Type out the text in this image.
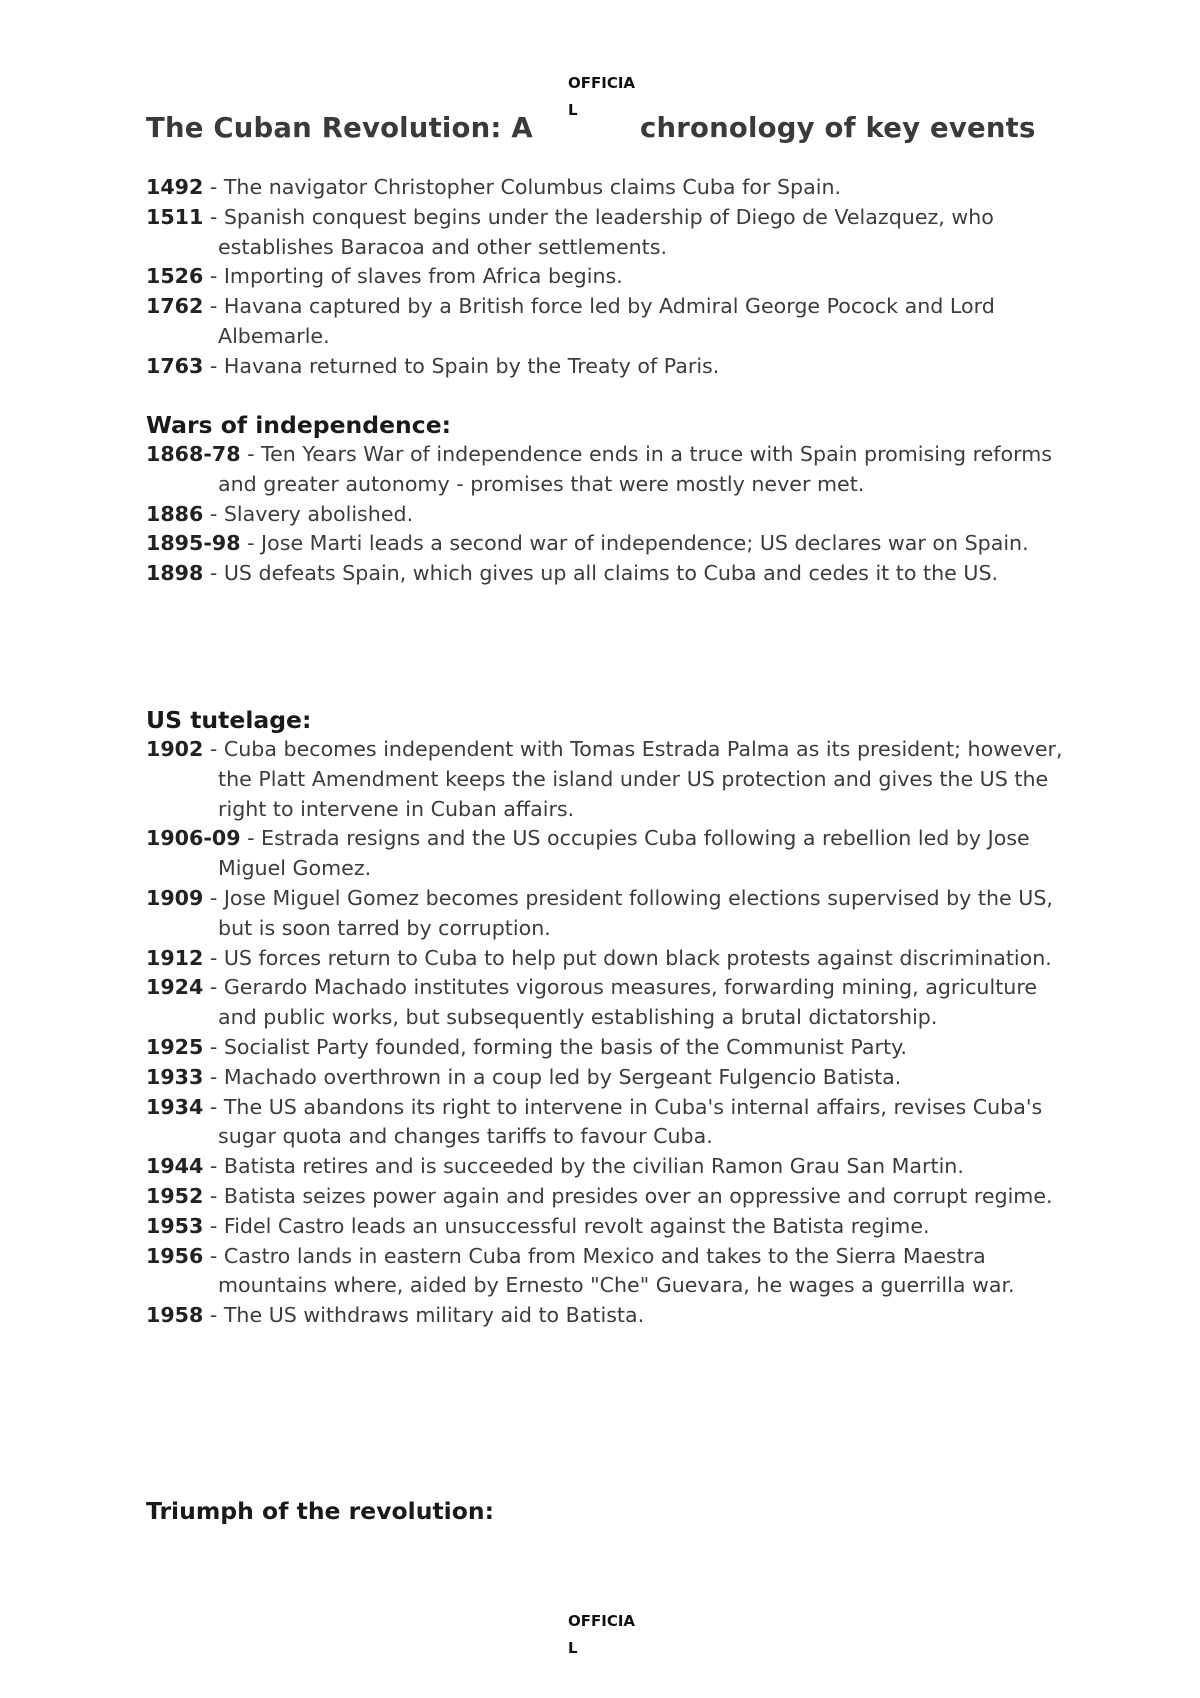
OFFICIAL
The Cuban Revolution: A	chronology of key events
1492 - The navigator Christopher Columbus claims Cuba for Spain.
1511 - Spanish conquest begins under the leadership of Diego de Velazquez, who establishes Baracoa and other settlements.
1526 - Importing of slaves from Africa begins.
1762 - Havana captured by a British force led by Admiral George Pocock and Lord Albemarle.
1763 - Havana returned to Spain by the Treaty of Paris.
Wars of independence:
1868-78 - Ten Years War of independence ends in a truce with Spain promising reforms and greater autonomy - promises that were mostly never met.
1886 - Slavery abolished.
1895-98 - Jose Marti leads a second war of independence; US declares war on Spain.
1898 - US defeats Spain, which gives up all claims to Cuba and cedes it to the US.
US tutelage:
1902 - Cuba becomes independent with Tomas Estrada Palma as its president; however, the Platt Amendment keeps the island under US protection and gives the US the right to intervene in Cuban affairs.
1906-09 - Estrada resigns and the US occupies Cuba following a rebellion led by Jose Miguel Gomez.
1909 - Jose Miguel Gomez becomes president following elections supervised by the US, but is soon tarred by corruption.
1912 - US forces return to Cuba to help put down black protests against discrimination.
1924 - Gerardo Machado institutes vigorous measures, forwarding mining, agriculture and public works, but subsequently establishing a brutal dictatorship.
1925 - Socialist Party founded, forming the basis of the Communist Party.
1933 - Machado overthrown in a coup led by Sergeant Fulgencio Batista.
1934 - The US abandons its right to intervene in Cuba's internal affairs, revises Cuba's sugar quota and changes tariffs to favour Cuba.
1944 - Batista retires and is succeeded by the civilian Ramon Grau San Martin.
1952 - Batista seizes power again and presides over an oppressive and corrupt regime.
1953 - Fidel Castro leads an unsuccessful revolt against the Batista regime.
1956 - Castro lands in eastern Cuba from Mexico and takes to the Sierra Maestra mountains where, aided by Ernesto "Che" Guevara, he wages a guerrilla war.
1958 - The US withdraws military aid to Batista.
Triumph of the revolution:
OFFICIAL
